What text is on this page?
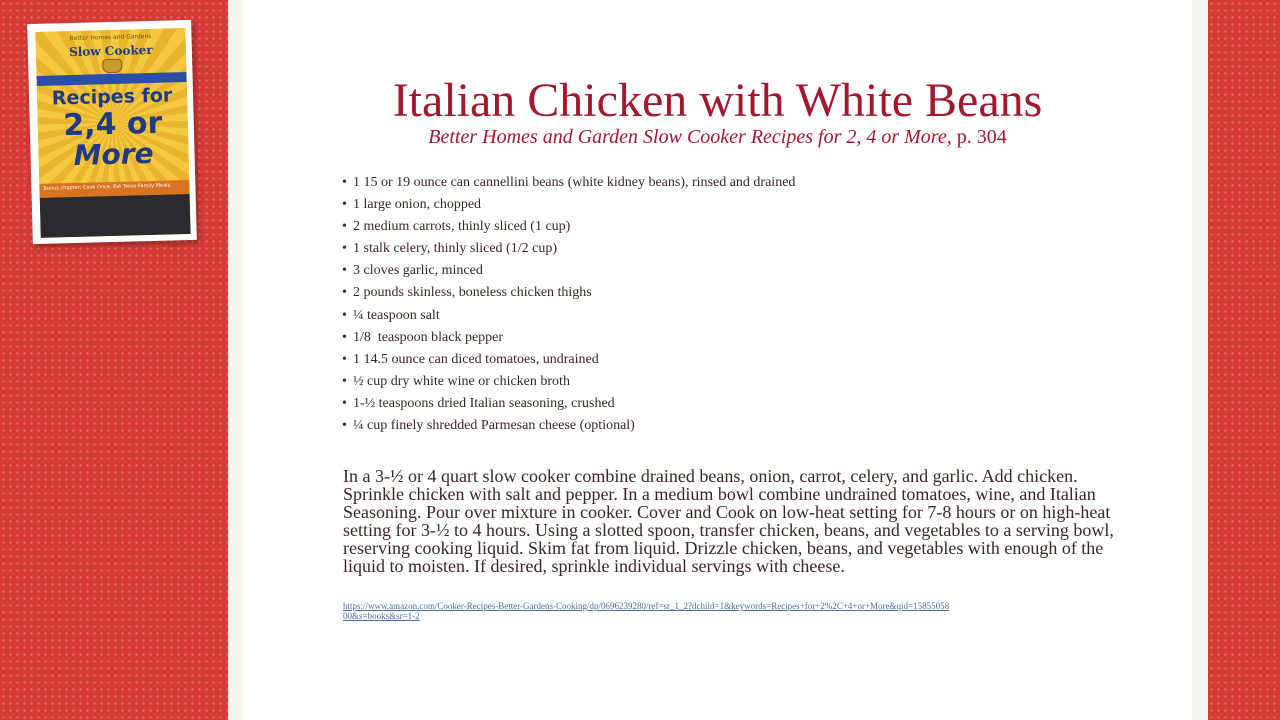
Better Homes and Gardens
Slow Cooker
Recipes for
2,4 or
More
Bonus chapter: Cook Once, Eat Twice Family Meals
Italian Chicken with White Beans
Better Homes and Garden Slow Cooker Recipes for 2, 4 or More, p. 304
• 1 15 or 19 ounce can cannellini beans (white kidney beans), rinsed and drained
• 1 large onion, chopped
• 2 medium carrots, thinly sliced (1 cup)
• 1 stalk celery, thinly sliced (1/2 cup)
• 3 cloves garlic, minced
• 2 pounds skinless, boneless chicken thighs
• ¼ teaspoon salt
• 1/8  teaspoon black pepper
• 1 14.5 ounce can diced tomatoes, undrained
• ½ cup dry white wine or chicken broth
• 1-½ teaspoons dried Italian seasoning, crushed
• ¼ cup finely shredded Parmesan cheese (optional)

In a 3-½ or 4 quart slow cooker combine drained beans, onion, carrot, celery, and garlic. Add chicken. Sprinkle chicken with salt and pepper. In a medium bowl combine undrained tomatoes, wine, and Italian Seasoning. Pour over mixture in cooker. Cover and Cook on low-heat setting for 7-8 hours or on high-heat setting for 3-½ to 4 hours. Using a slotted spoon, transfer chicken, beans, and vegetables to a serving bowl, reserving cooking liquid. Skim fat from liquid. Drizzle chicken, beans, and vegetables with enough of the liquid to moisten. If desired, sprinkle individual servings with cheese.

https://www.amazon.com/Cooker-Recipes-Better-Gardens-Cooking/dp/0696239280/ref=sr_1_2?dchild=1&keywords=Recipes+for+2%2C+4+or+More&qid=1585505800&s=books&sr=1-2
